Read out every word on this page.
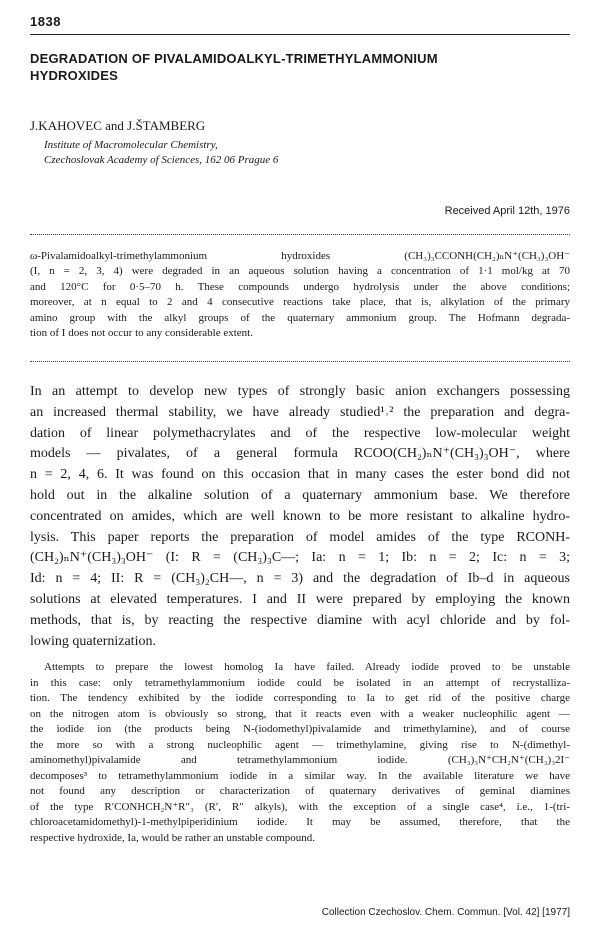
1838
DEGRADATION OF PIVALAMIDOALKYL-TRIMETHYLAMMONIUM
HYDROXIDES
J.KAHOVEC and J.ŠTAMBERG
Institute of Macromolecular Chemistry,
Czechoslovak Academy of Sciences, 162 06 Prague 6
Received April 12th, 1976
ω-Pivalamidoalkyl-trimethylammonium hydroxides (CH₃)₃CCONH(CH₂)ₙN⁺(CH₃)₃OH⁻
(I, n = 2, 3, 4) were degraded in an aqueous solution having a concentration of 1·1 mol/kg at 70
and 120°C for 0·5–70 h. These compounds undergo hydrolysis under the above conditions;
moreover, at n equal to 2 and 4 consecutive reactions take place, that is, alkylation of the primary
amino group with the alkyl groups of the quaternary ammonium group. The Hofmann degrada-
tion of I does not occur to any considerable extent.
In an attempt to develop new types of strongly basic anion exchangers possessing
an increased thermal stability, we have already studied¹˒² the preparation and degra-
dation of linear polymethacrylates and of the respective low-molecular weight
models — pivalates, of a general formula RCOO(CH₂)ₙN⁺(CH₃)₃OH⁻, where
n = 2, 4, 6. It was found on this occasion that in many cases the ester bond did not
hold out in the alkaline solution of a quaternary ammonium base. We therefore
concentrated on amides, which are well known to be more resistant to alkaline hydro-
lysis. This paper reports the preparation of model amides of the type RCONH-
(CH₂)ₙN⁺(CH₃)₃OH⁻ (I: R = (CH₃)₃C—; Ia: n = 1; Ib: n = 2; Ic: n = 3;
Id: n = 4; II: R = (CH₃)₂CH—, n = 3) and the degradation of Ib–d in aqueous
solutions at elevated temperatures. I and II were prepared by employing the known
methods, that is, by reacting the respective diamine with acyl chloride and by fol-
lowing quaternization.
Attempts to prepare the lowest homolog Ia have failed. Already iodide proved to be unstable
in this case: only tetramethylammonium iodide could be isolated in an attempt of recrystalliza-
tion. The tendency exhibited by the iodide corresponding to Ia to get rid of the positive charge
on the nitrogen atom is obviously so strong, that it reacts even with a weaker nucleophilic agent —
the iodide ion (the products being N-(iodomethyl)pivalamide and trimethylamine), and of course
the more so with a strong nucleophilic agent — trimethylamine, giving rise to N-(dimethyl-
aminomethyl)pivalamide and tetramethylammonium iodide. (CH₃)₃N⁺CH₂N⁺(CH₃)₃2I⁻
decomposes³ to tetramethylammonium iodide in a similar way. In the available literature we have
not found any description or characterization of quaternary derivatives of geminal diamines
of the type R′CONHCH₂N⁺R″₃ (R′, R″ alkyls), with the exception of a single case⁴, i.e., 1-(tri-
chloroacetamidomethyl)-1-methylpiperidinium iodide. It may be assumed, therefore, that the
respective hydroxide, Ia, would be rather an unstable compound.
Collection Czechoslov. Chem. Commun. [Vol. 42] [1977]
